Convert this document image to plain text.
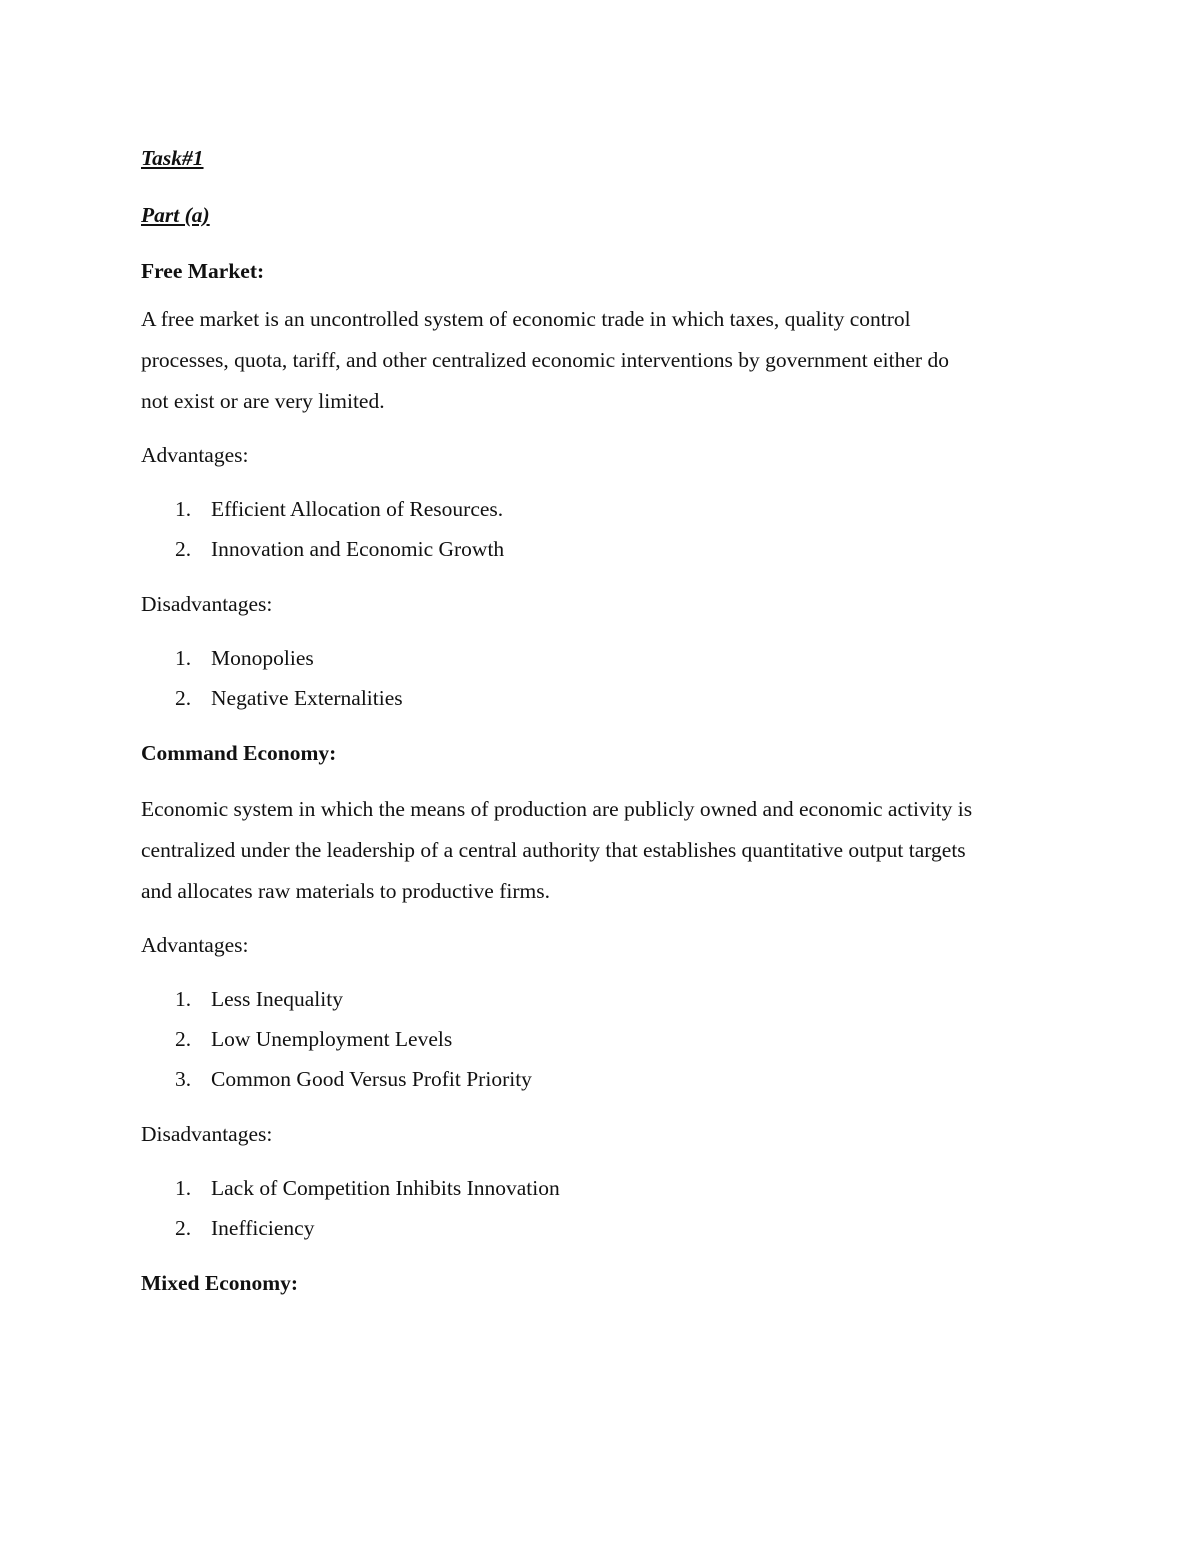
Task#1

Part (a)

Free Market:

A free market is an uncontrolled system of economic trade in which taxes, quality control
processes, quota, tariff, and other centralized economic interventions by government either do
not exist or are very limited.

Advantages:

1. Efficient Allocation of Resources.
2. Innovation and Economic Growth

Disadvantages:

1. Monopolies
2. Negative Externalities

Command Economy:

Economic system in which the means of production are publicly owned and economic activity is
centralized under the leadership of a central authority that establishes quantitative output targets
and allocates raw materials to productive firms.

Advantages:

1. Less Inequality
2. Low Unemployment Levels
3. Common Good Versus Profit Priority

Disadvantages:

1. Lack of Competition Inhibits Innovation
2. Inefficiency

Mixed Economy:
